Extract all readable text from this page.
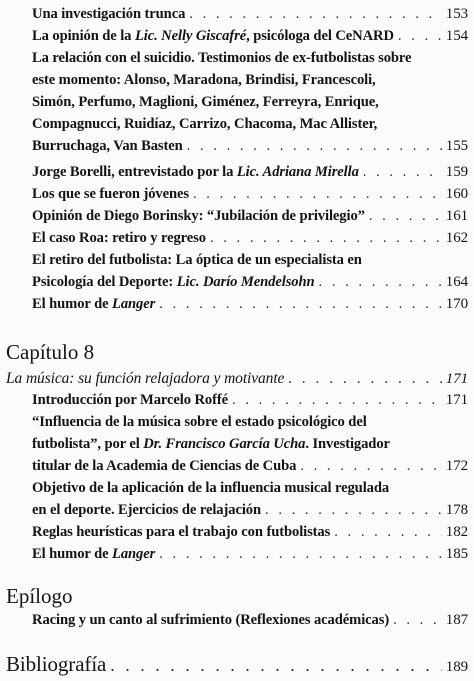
Una investigación trunca . . .	153
La opinión de la Lic. Nelly Giscafré, psicóloga del CeNARD . . .	154
La relación con el suicidio. Testimonios de ex-futbolistas sobre
este momento: Alonso, Maradona, Brindisi, Francescoli,
Simón, Perfumo, Maglioni, Giménez, Ferreyra, Enrique,
Compagnucci, Ruidíaz, Carrizo, Chacoma, Mac Allister,
Burruchaga, Van Basten . . .	155
Jorge Borelli, entrevistado por la Lic. Adriana Mirella . . .	159
Los que se fueron jóvenes . . .	160
Opinión de Diego Borinsky: “Jubilación de privilegio” . . .	161
El caso Roa: retiro y regreso . . .	162
El retiro del futbolista: La óptica de un especialista en
Psicología del Deporte: Lic. Darío Mendelsohn . . .	164
El humor de Langer . . .	170
Capítulo 8
La música: su función relajadora y motivante . . .	171
Introducción por Marcelo Roffé . . .	171
“Influencia de la música sobre el estado psicológico del
futbolista”, por el Dr. Francisco García Ucha. Investigador
titular de la Academia de Ciencias de Cuba . . .	172
Objetivo de la aplicación de la influencia musical regulada
en el deporte. Ejercicios de relajación . . .	178
Reglas heurísticas para el trabajo con futbolistas . . .	182
El humor de Langer . . .	185
Epílogo
Racing y un canto al sufrimiento (Reflexiones académicas) . . .	187
Bibliografía . . .	189
